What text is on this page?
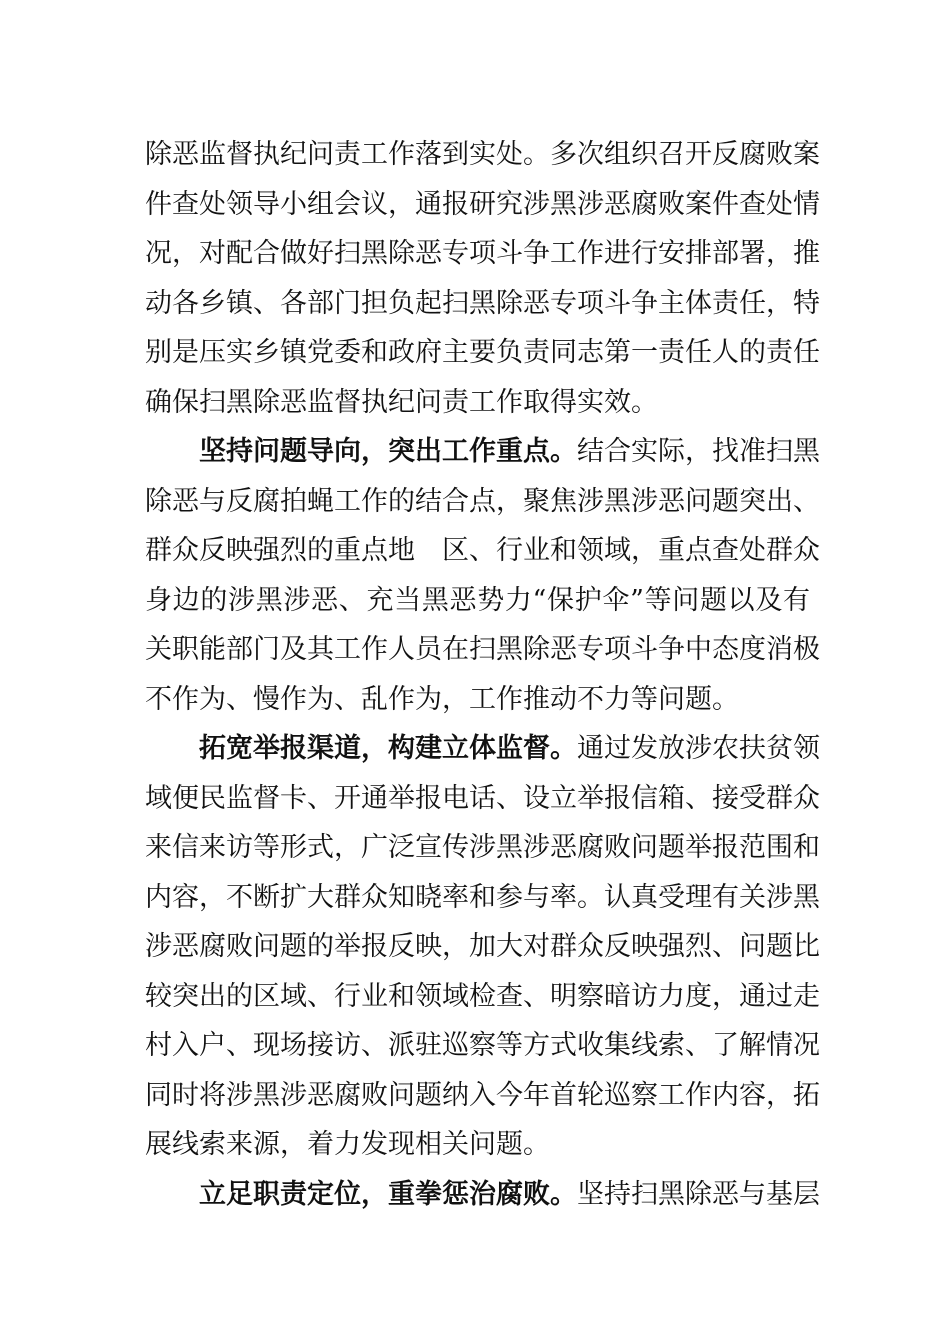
除恶监督执纪问责工作落到实处。多次组织召开反腐败案
件查处领导小组会议，通报研究涉黑涉恶腐败案件查处情
况，对配合做好扫黑除恶专项斗争工作进行安排部署，推
动各乡镇、各部门担负起扫黑除恶专项斗争主体责任，特
别是压实乡镇党委和政府主要负责同志第一责任人的责任
确保扫黑除恶监督执纪问责工作取得实效。
坚持问题导向，突出工作重点。结合实际，找准扫黑
除恶与反腐拍蝇工作的结合点，聚焦涉黑涉恶问题突出、
群众反映强烈的重点地　区、行业和领域，重点查处群众
身边的涉黑涉恶、充当黑恶势力“保护伞”等问题以及有
关职能部门及其工作人员在扫黑除恶专项斗争中态度消极
不作为、慢作为、乱作为，工作推动不力等问题。
拓宽举报渠道，构建立体监督。通过发放涉农扶贫领
域便民监督卡、开通举报电话、设立举报信箱、接受群众
来信来访等形式，广泛宣传涉黑涉恶腐败问题举报范围和
内容，不断扩大群众知晓率和参与率。认真受理有关涉黑
涉恶腐败问题的举报反映，加大对群众反映强烈、问题比
较突出的区域、行业和领域检查、明察暗访力度，通过走
村入户、现场接访、派驻巡察等方式收集线索、了解情况
同时将涉黑涉恶腐败问题纳入今年首轮巡察工作内容，拓
展线索来源，着力发现相关问题。
立足职责定位，重拳惩治腐败。坚持扫黑除恶与基层
